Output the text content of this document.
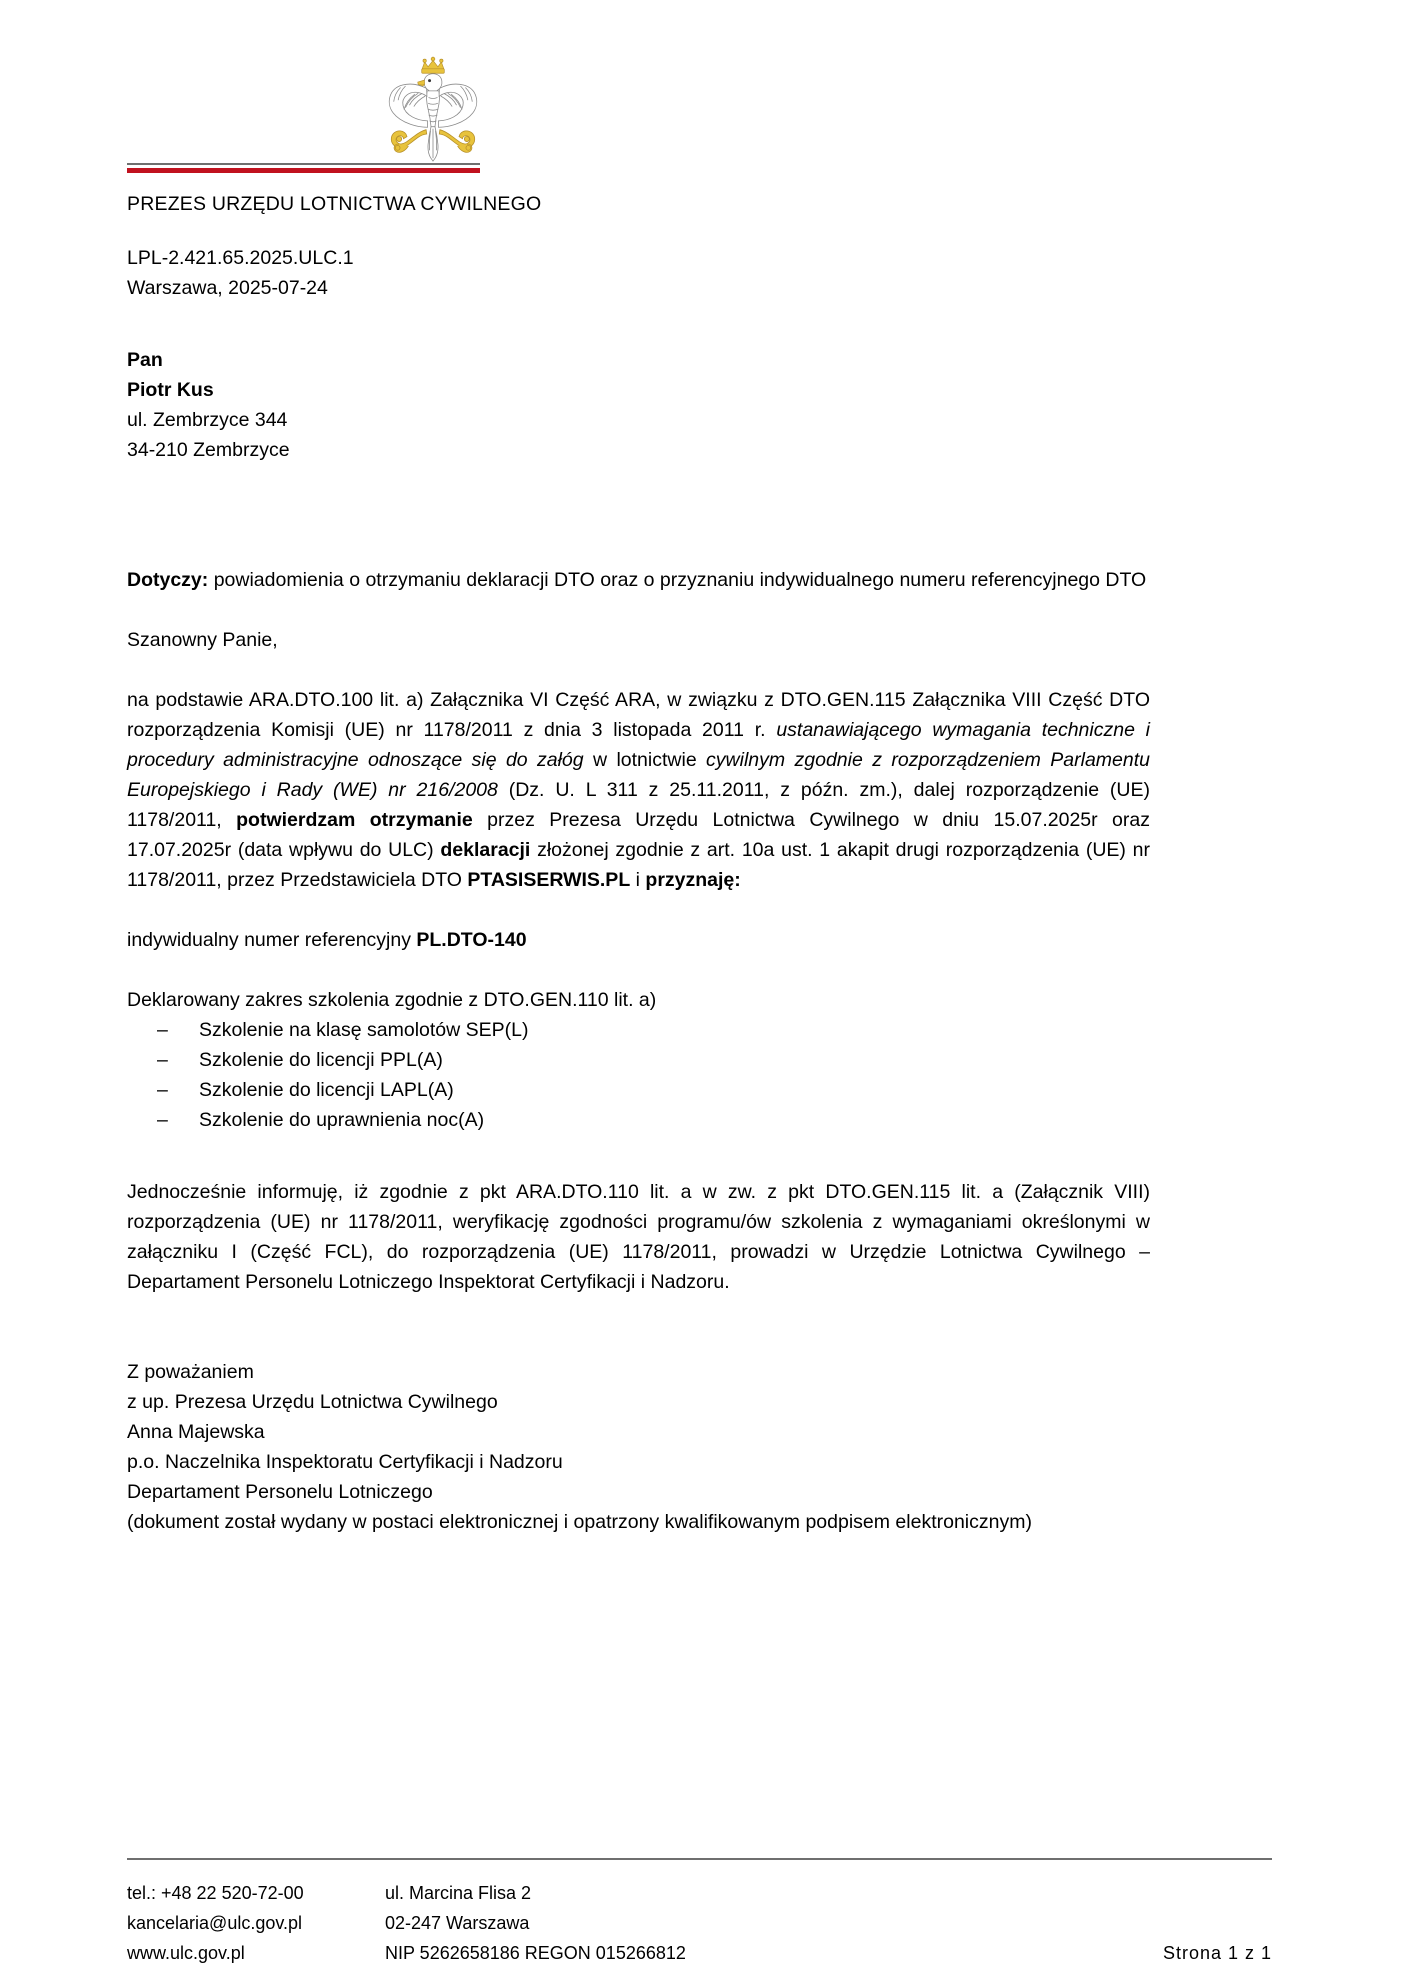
PREZES URZĘDU LOTNICTWA CYWILNEGO
LPL-2.421.65.2025.ULC.1
Warszawa, 2025-07-24
Pan
Piotr Kus
ul. Zembrzyce 344
34-210 Zembrzyce

Dotyczy: powiadomienia o otrzymaniu deklaracji DTO oraz o przyznaniu indywidualnego numeru referencyjnego DTO

Szanowny Panie,

na podstawie ARA.DTO.100 lit. a) Załącznika VI Część ARA, w związku z DTO.GEN.115 Załącznika VIII Część DTO rozporządzenia Komisji (UE) nr 1178/2011 z dnia 3 listopada 2011 r. ustanawiającego wymagania techniczne i procedury administracyjne odnoszące się do załóg w lotnictwie cywilnym zgodnie z rozporządzeniem Parlamentu Europejskiego i Rady (WE) nr 216/2008 (Dz. U. L 311 z 25.11.2011, z późn. zm.), dalej rozporządzenie (UE) 1178/2011, potwierdzam otrzymanie przez Prezesa Urzędu Lotnictwa Cywilnego w dniu 15.07.2025r oraz 17.07.2025r (data wpływu do ULC) deklaracji złożonej zgodnie z art. 10a ust. 1 akapit drugi rozporządzenia (UE) nr 1178/2011, przez Przedstawiciela DTO PTASISERWIS.PL i przyznaję:

indywidualny numer referencyjny PL.DTO-140

Deklarowany zakres szkolenia zgodnie z DTO.GEN.110 lit. a)

– Szkolenie na klasę samolotów SEP(L)
– Szkolenie do licencji PPL(A)
– Szkolenie do licencji LAPL(A)
– Szkolenie do uprawnienia noc(A)

Jednocześnie informuję, iż zgodnie z pkt ARA.DTO.110 lit. a w zw. z pkt DTO.GEN.115 lit. a (Załącznik VIII) rozporządzenia (UE) nr 1178/2011, weryfikację zgodności programu/ów szkolenia z wymaganiami określonymi w załączniku I (Część FCL), do rozporządzenia (UE) 1178/2011, prowadzi w Urzędzie Lotnictwa Cywilnego – Departament Personelu Lotniczego Inspektorat Certyfikacji i Nadzoru.

Z poważaniem
z up. Prezesa Urzędu Lotnictwa Cywilnego
Anna Majewska
p.o. Naczelnika Inspektoratu Certyfikacji i Nadzoru
Departament Personelu Lotniczego
(dokument został wydany w postaci elektronicznej i opatrzony kwalifikowanym podpisem elektronicznym)
tel.: +48 22 520-72-00
kancelaria@ulc.gov.pl
www.ulc.gov.pl
ul. Marcina Flisa 2
02-247 Warszawa
NIP 5262658186 REGON 015266812	Strona 1 z 1
